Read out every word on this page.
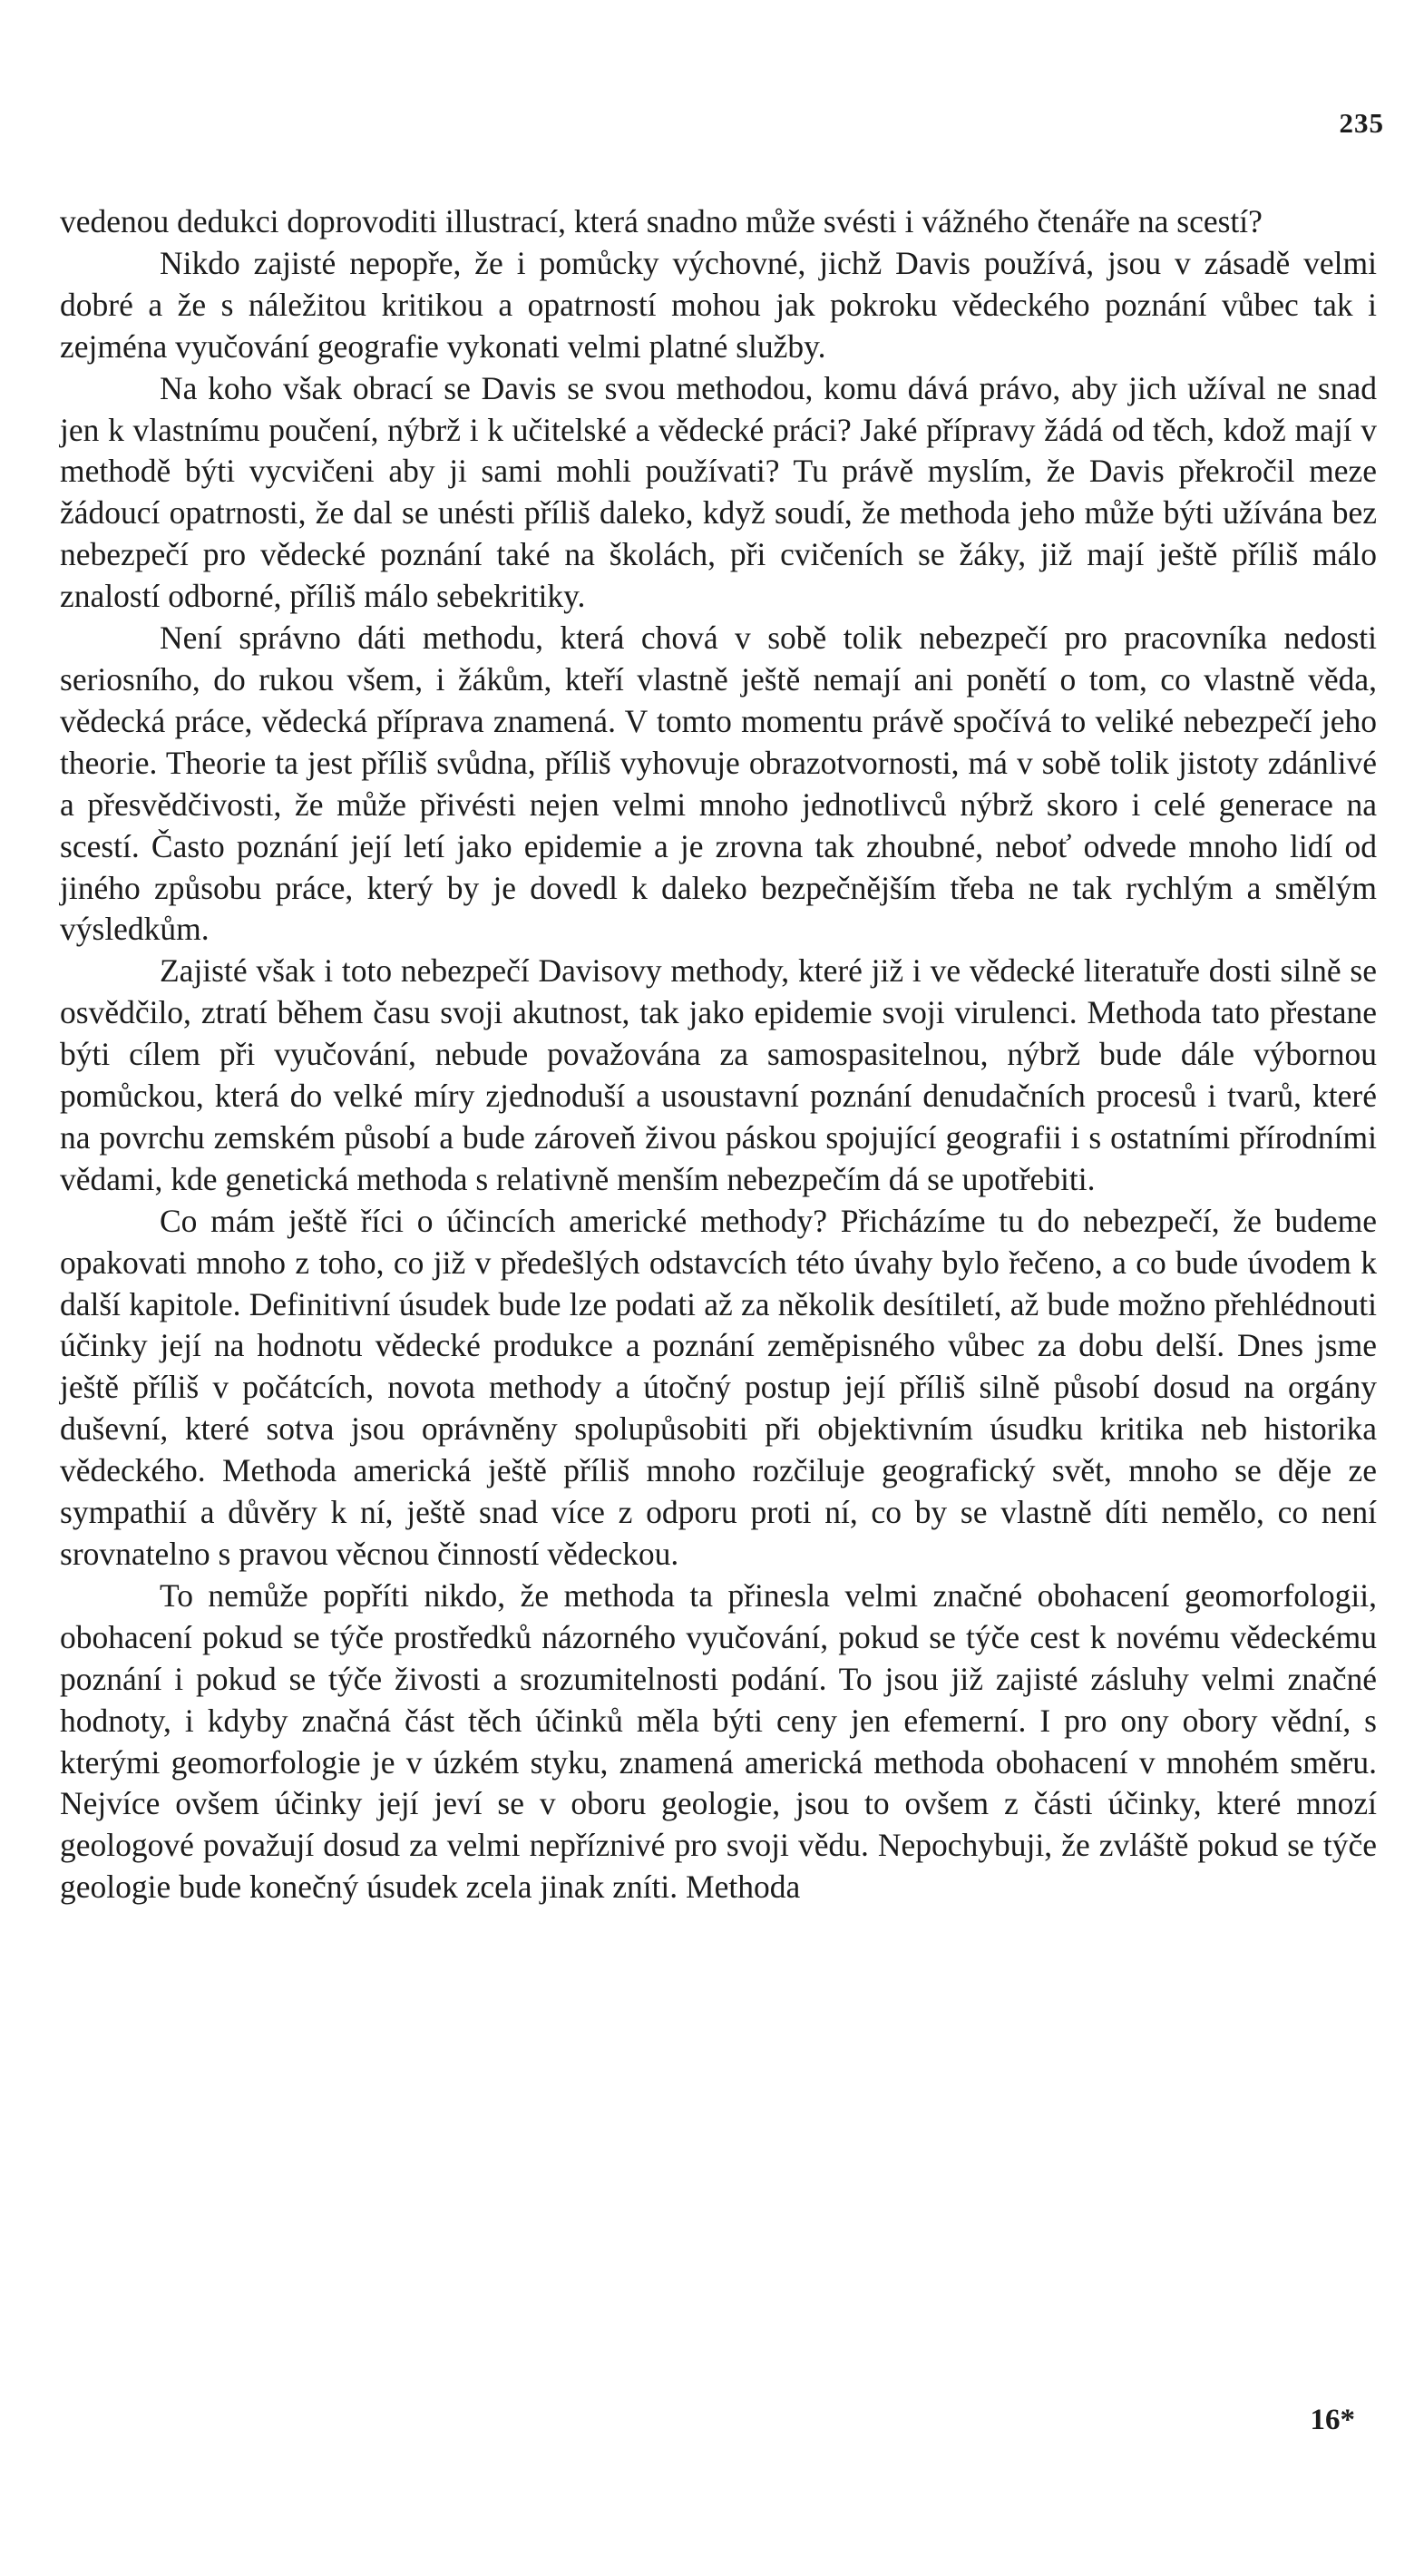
235

vedenou dedukci doprovoditi illustrací, která snadno může svésti i vážného čtenáře na scestí?

Nikdo zajisté nepopře, že i pomůcky výchovné, jichž Davis používá, jsou v zásadě velmi dobré a že s náležitou kritikou a opatrností mohou jak pokroku vědeckého poznání vůbec tak i zejména vyučování geografie vykonati velmi platné služby.

Na koho však obrací se Davis se svou methodou, komu dává právo, aby jich užíval ne snad jen k vlastnímu poučení, nýbrž i k učitelské a vědecké práci? Jaké přípravy žádá od těch, kdož mají v methodě býti vycvičeni aby ji sami mohli používati? Tu právě myslím, že Davis překročil meze žádoucí opatrnosti, že dal se unésti příliš daleko, když soudí, že methoda jeho může býti užívána bez nebezpečí pro vědecké poznání také na školách, při cvičeních se žáky, již mají ještě příliš málo znalostí odborné, příliš málo sebekritiky.

Není správno dáti methodu, která chová v sobě tolik nebezpečí pro pracovníka nedosti seriosního, do rukou všem, i žákům, kteří vlastně ještě nemají ani ponětí o tom, co vlastně věda, vědecká práce, vědecká příprava znamená. V tomto momentu právě spočívá to veliké nebezpečí jeho theorie. Theorie ta jest příliš svůdna, příliš vyhovuje obrazotvornosti, má v sobě tolik jistoty zdánlivé a přesvědčivosti, že může přivésti nejen velmi mnoho jednotlivců nýbrž skoro i celé generace na scestí. Často poznání její letí jako epidemie a je zrovna tak zhoubné, neboť odvede mnoho lidí od jiného způsobu práce, který by je dovedl k daleko bezpečnějším třeba ne tak rychlým a smělým výsledkům.

Zajisté však i toto nebezpečí Davisovy methody, které již i ve vědecké literatuře dosti silně se osvědčilo, ztratí během času svoji akutnost, tak jako epidemie svoji virulenci. Methoda tato přestane býti cílem při vyučování, nebude považována za samospasitelnou, nýbrž bude dále výbornou pomůckou, která do velké míry zjednoduší a usoustavní poznání denudačních procesů i tvarů, které na povrchu zemském působí a bude zároveň živou páskou spojující geografii i s ostatními přírodními vědami, kde genetická methoda s relativně menším nebezpečím dá se upotřebiti.

Co mám ještě říci o účincích americké methody? Přicházíme tu do nebezpečí, že budeme opakovati mnoho z toho, co již v předešlých odstavcích této úvahy bylo řečeno, a co bude úvodem k další kapitole. Definitivní úsudek bude lze podati až za několik desítiletí, až bude možno přehlédnouti účinky její na hodnotu vědecké produkce a poznání zeměpisného vůbec za dobu delší. Dnes jsme ještě příliš v počátcích, novota methody a útočný postup její příliš silně působí dosud na orgány duševní, které sotva jsou oprávněny spolupůsobiti při objektivním úsudku kritika neb historika vědeckého. Methoda americká ještě příliš mnoho rozčiluje geografický svět, mnoho se děje ze sympathií a důvěry k ní, ještě snad více z odporu proti ní, co by se vlastně díti nemělo, co není srovnatelno s pravou věcnou činností vědeckou.

To nemůže popříti nikdo, že methoda ta přinesla velmi značné obohacení geomorfologii, obohacení pokud se týče prostředků názorného vyučování, pokud se týče cest k novému vědeckému poznání i pokud se týče živosti a srozumitelnosti podání. To jsou již zajisté zásluhy velmi značné hodnoty, i kdyby značná část těch účinků měla býti ceny jen efemerní. I pro ony obory vědní, s kterými geomorfologie je v úzkém styku, znamená americká methoda obohacení v mnohém směru. Nejvíce ovšem účinky její jeví se v oboru geologie, jsou to ovšem z části účinky, které mnozí geologové považují dosud za velmi nepříznivé pro svoji vědu. Nepochybuji, že zvláště pokud se týče geologie bude konečný úsudek zcela jinak zníti. Methoda

16*
